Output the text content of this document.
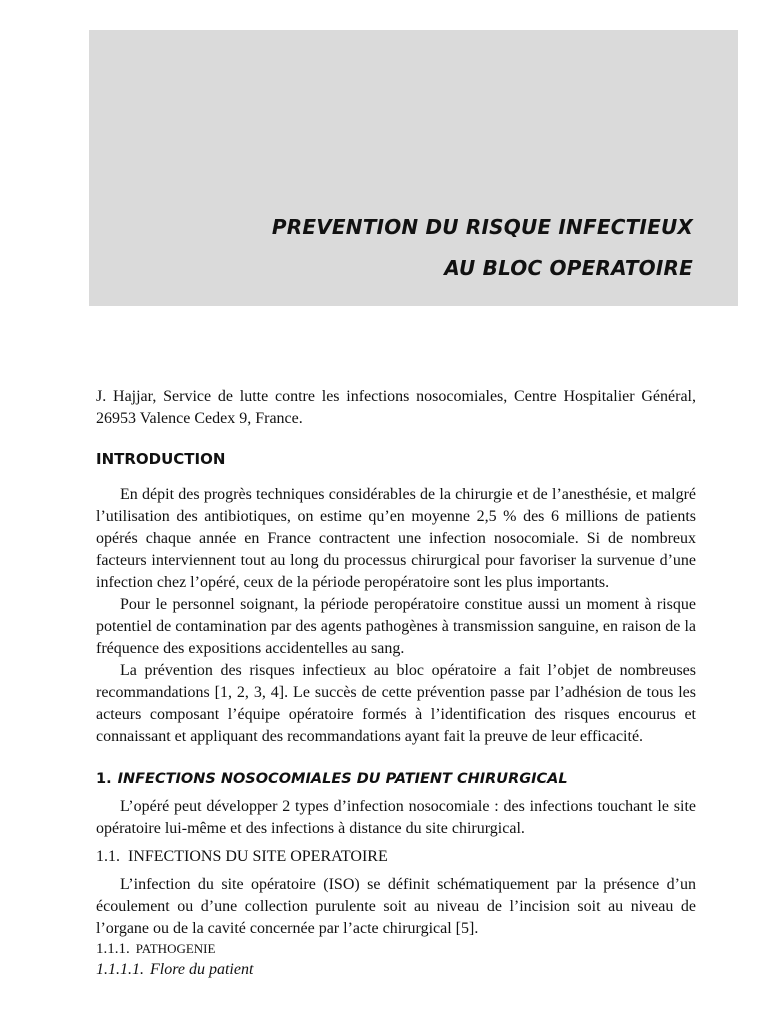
PREVENTION DU RISQUE INFECTIEUX
AU BLOC OPERATOIRE

J. Hajjar, Service de lutte contre les infections nosocomiales, Centre Hospitalier Général, 26953 Valence Cedex 9, France.

INTRODUCTION

En dépit des progrès techniques considérables de la chirurgie et de l’anesthésie, et malgré l’utilisation des antibiotiques, on estime qu’en moyenne 2,5 % des 6 millions de patients opérés chaque année en France contractent une infection nosocomiale. Si de nombreux facteurs interviennent tout au long du processus chirurgical pour favoriser la survenue d’une infection chez l’opéré, ceux de la période peropératoire sont les plus importants.

Pour le personnel soignant, la période peropératoire constitue aussi un moment à risque potentiel de contamination par des agents pathogènes à transmission sanguine, en raison de la fréquence des expositions accidentelles au sang.

La prévention des risques infectieux au bloc opératoire a fait l’objet de nombreuses recommandations [1, 2, 3, 4]. Le succès de cette prévention passe par l’adhésion de tous les acteurs composant l’équipe opératoire formés à l’identification des risques encourus et connaissant et appliquant des recommandations ayant fait la preuve de leur efficacité.

1. INFECTIONS NOSOCOMIALES DU PATIENT CHIRURGICAL

L’opéré peut développer 2 types d’infection nosocomiale : des infections touchant le site opératoire lui-même et des infections à distance du site chirurgical.

1.1. INFECTIONS DU SITE OPERATOIRE

L’infection du site opératoire (ISO) se définit schématiquement par la présence d’un écoulement ou d’une collection purulente soit au niveau de l’incision soit au niveau de l’organe ou de la cavité concernée par l’acte chirurgical [5].

1.1.1. PATHOGENIE

1.1.1.1. Flore du patient
